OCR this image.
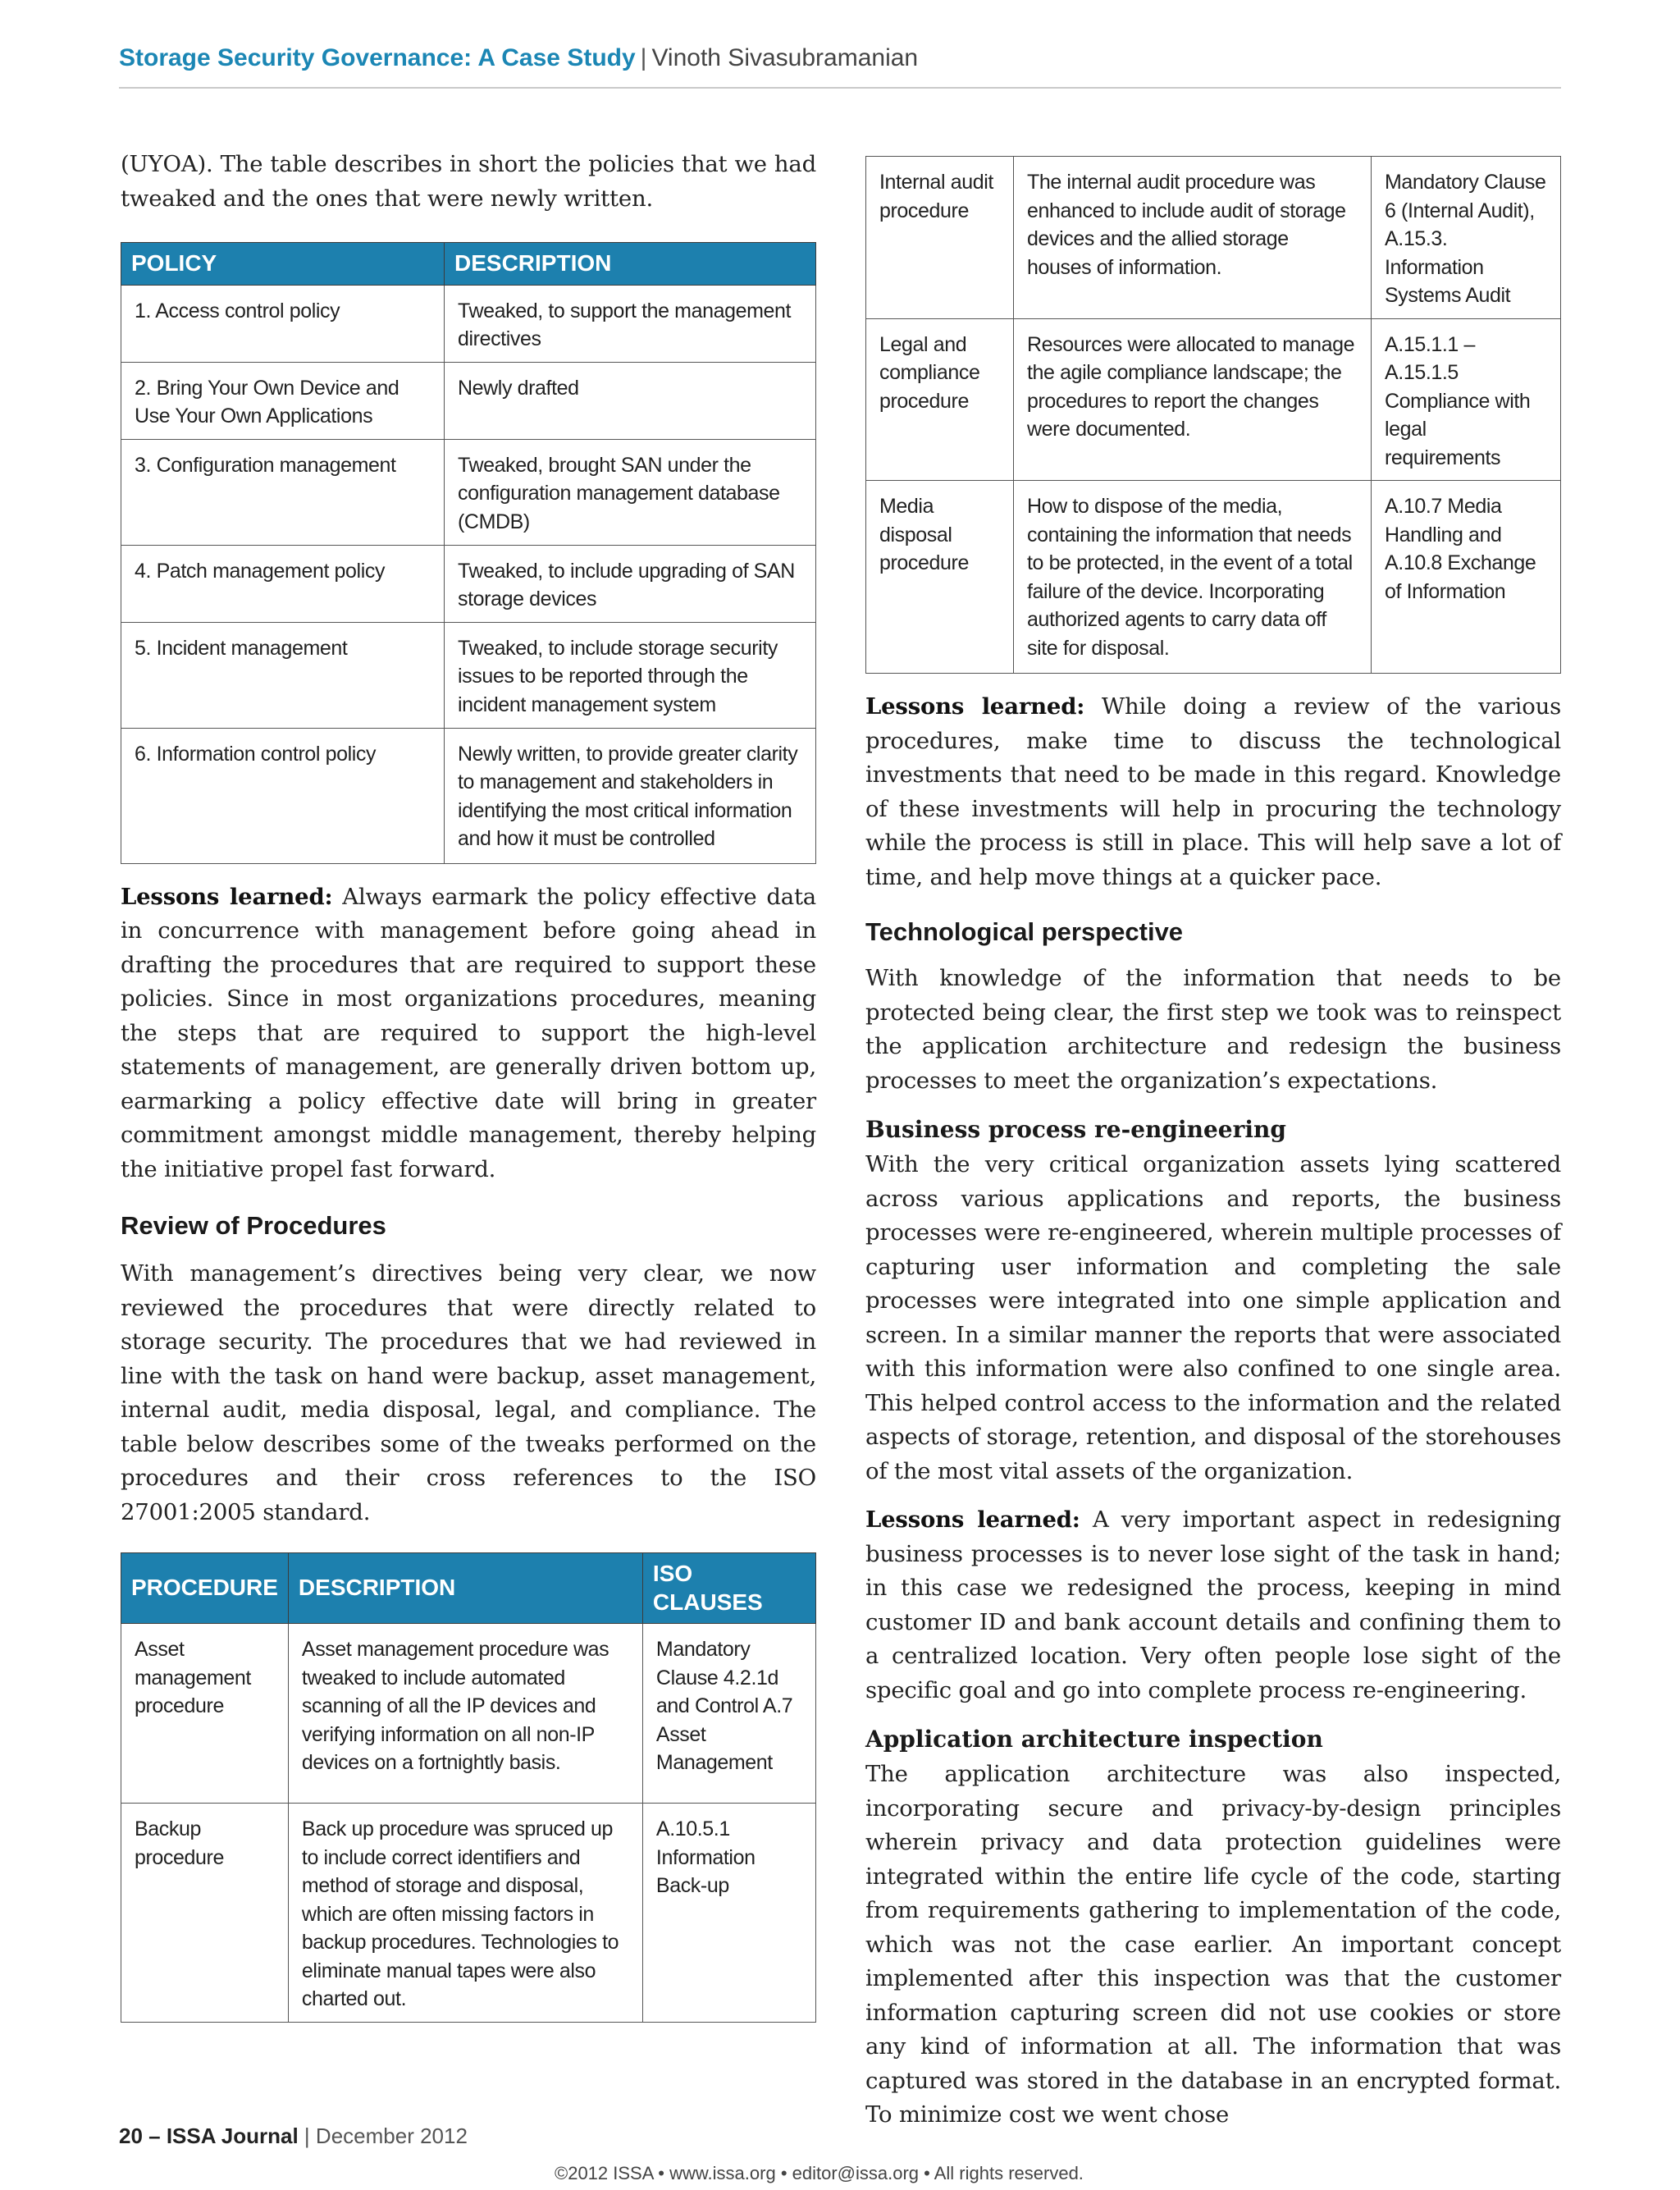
Storage Security Governance: A Case Study | Vinoth Sivasubramanian

(UYOA). The table describes in short the policies that we had tweaked and the ones that were newly written.

POLICY	DESCRIPTION
1. Access control policy	Tweaked, to support the management directives
2. Bring Your Own Device and Use Your Own Applications	Newly drafted
3. Configuration management	Tweaked, brought SAN under the configuration management database (CMDB)
4. Patch management policy	Tweaked, to include upgrading of SAN storage devices
5. Incident management	Tweaked, to include storage security issues to be reported through the incident management system
6. Information control policy	Newly written, to provide greater clarity to management and stakeholders in identifying the most critical information and how it must be controlled

Lessons learned: Always earmark the policy effective data in concurrence with management before going ahead in drafting the procedures that are required to support these policies. Since in most organizations procedures, meaning the steps that are required to support the high-level statements of management, are generally driven bottom up, earmarking a policy effective date will bring in greater commitment amongst middle management, thereby helping the initiative propel fast forward.

Review of Procedures

With management’s directives being very clear, we now reviewed the procedures that were directly related to storage security. The procedures that we had reviewed in line with the task on hand were backup, asset management, internal audit, media disposal, legal, and compliance. The table below describes some of the tweaks performed on the procedures and their cross references to the ISO 27001:2005 standard.

PROCEDURE	DESCRIPTION	ISO CLAUSES
Asset management procedure	Asset management procedure was tweaked to include automated scanning of all the IP devices and verifying information on all non-IP devices on a fortnightly basis.	Mandatory Clause 4.2.1d and Control A.7 Asset Management
Backup procedure	Back up procedure was spruced up to include correct identifiers and method of storage and disposal, which are often missing factors in backup procedures. Technologies to eliminate manual tapes were also charted out.	A.10.5.1 Information Back-up
Internal audit procedure	The internal audit procedure was enhanced to include audit of storage devices and the allied storage houses of information.	Mandatory Clause 6 (Internal Audit), A.15.3. Information Systems Audit
Legal and compliance procedure	Resources were allocated to manage the agile compliance landscape; the procedures to report the changes were documented.	A.15.1.1 – A.15.1.5 Compliance with legal requirements
Media disposal procedure	How to dispose of the media, containing the information that needs to be protected, in the event of a total failure of the device. Incorporating authorized agents to carry data off site for disposal.	A.10.7 Media Handling and A.10.8 Exchange of Information

Lessons learned: While doing a review of the various procedures, make time to discuss the technological investments that need to be made in this regard. Knowledge of these investments will help in procuring the technology while the process is still in place. This will help save a lot of time, and help move things at a quicker pace.

Technological perspective

With knowledge of the information that needs to be protected being clear, the first step we took was to reinspect the application architecture and redesign the business processes to meet the organization’s expectations.

Business process re-engineering

With the very critical organization assets lying scattered across various applications and reports, the business processes were re-engineered, wherein multiple processes of capturing user information and completing the sale processes were integrated into one simple application and screen. In a similar manner the reports that were associated with this information were also confined to one single area. This helped control access to the information and the related aspects of storage, retention, and disposal of the storehouses of the most vital assets of the organization.

Lessons learned: A very important aspect in redesigning business processes is to never lose sight of the task in hand; in this case we redesigned the process, keeping in mind customer ID and bank account details and confining them to a centralized location. Very often people lose sight of the specific goal and go into complete process re-engineering.

Application architecture inspection

The application architecture was also inspected, incorporating secure and privacy-by-design principles wherein privacy and data protection guidelines were integrated within the entire life cycle of the code, starting from requirements gathering to implementation of the code, which was not the case earlier. An important concept implemented after this inspection was that the customer information capturing screen did not use cookies or store any kind of information at all. The information that was captured was stored in the database in an encrypted format. To minimize cost we went chose

20 – ISSA Journal | December 2012
©2012 ISSA • www.issa.org • editor@issa.org • All rights reserved.
